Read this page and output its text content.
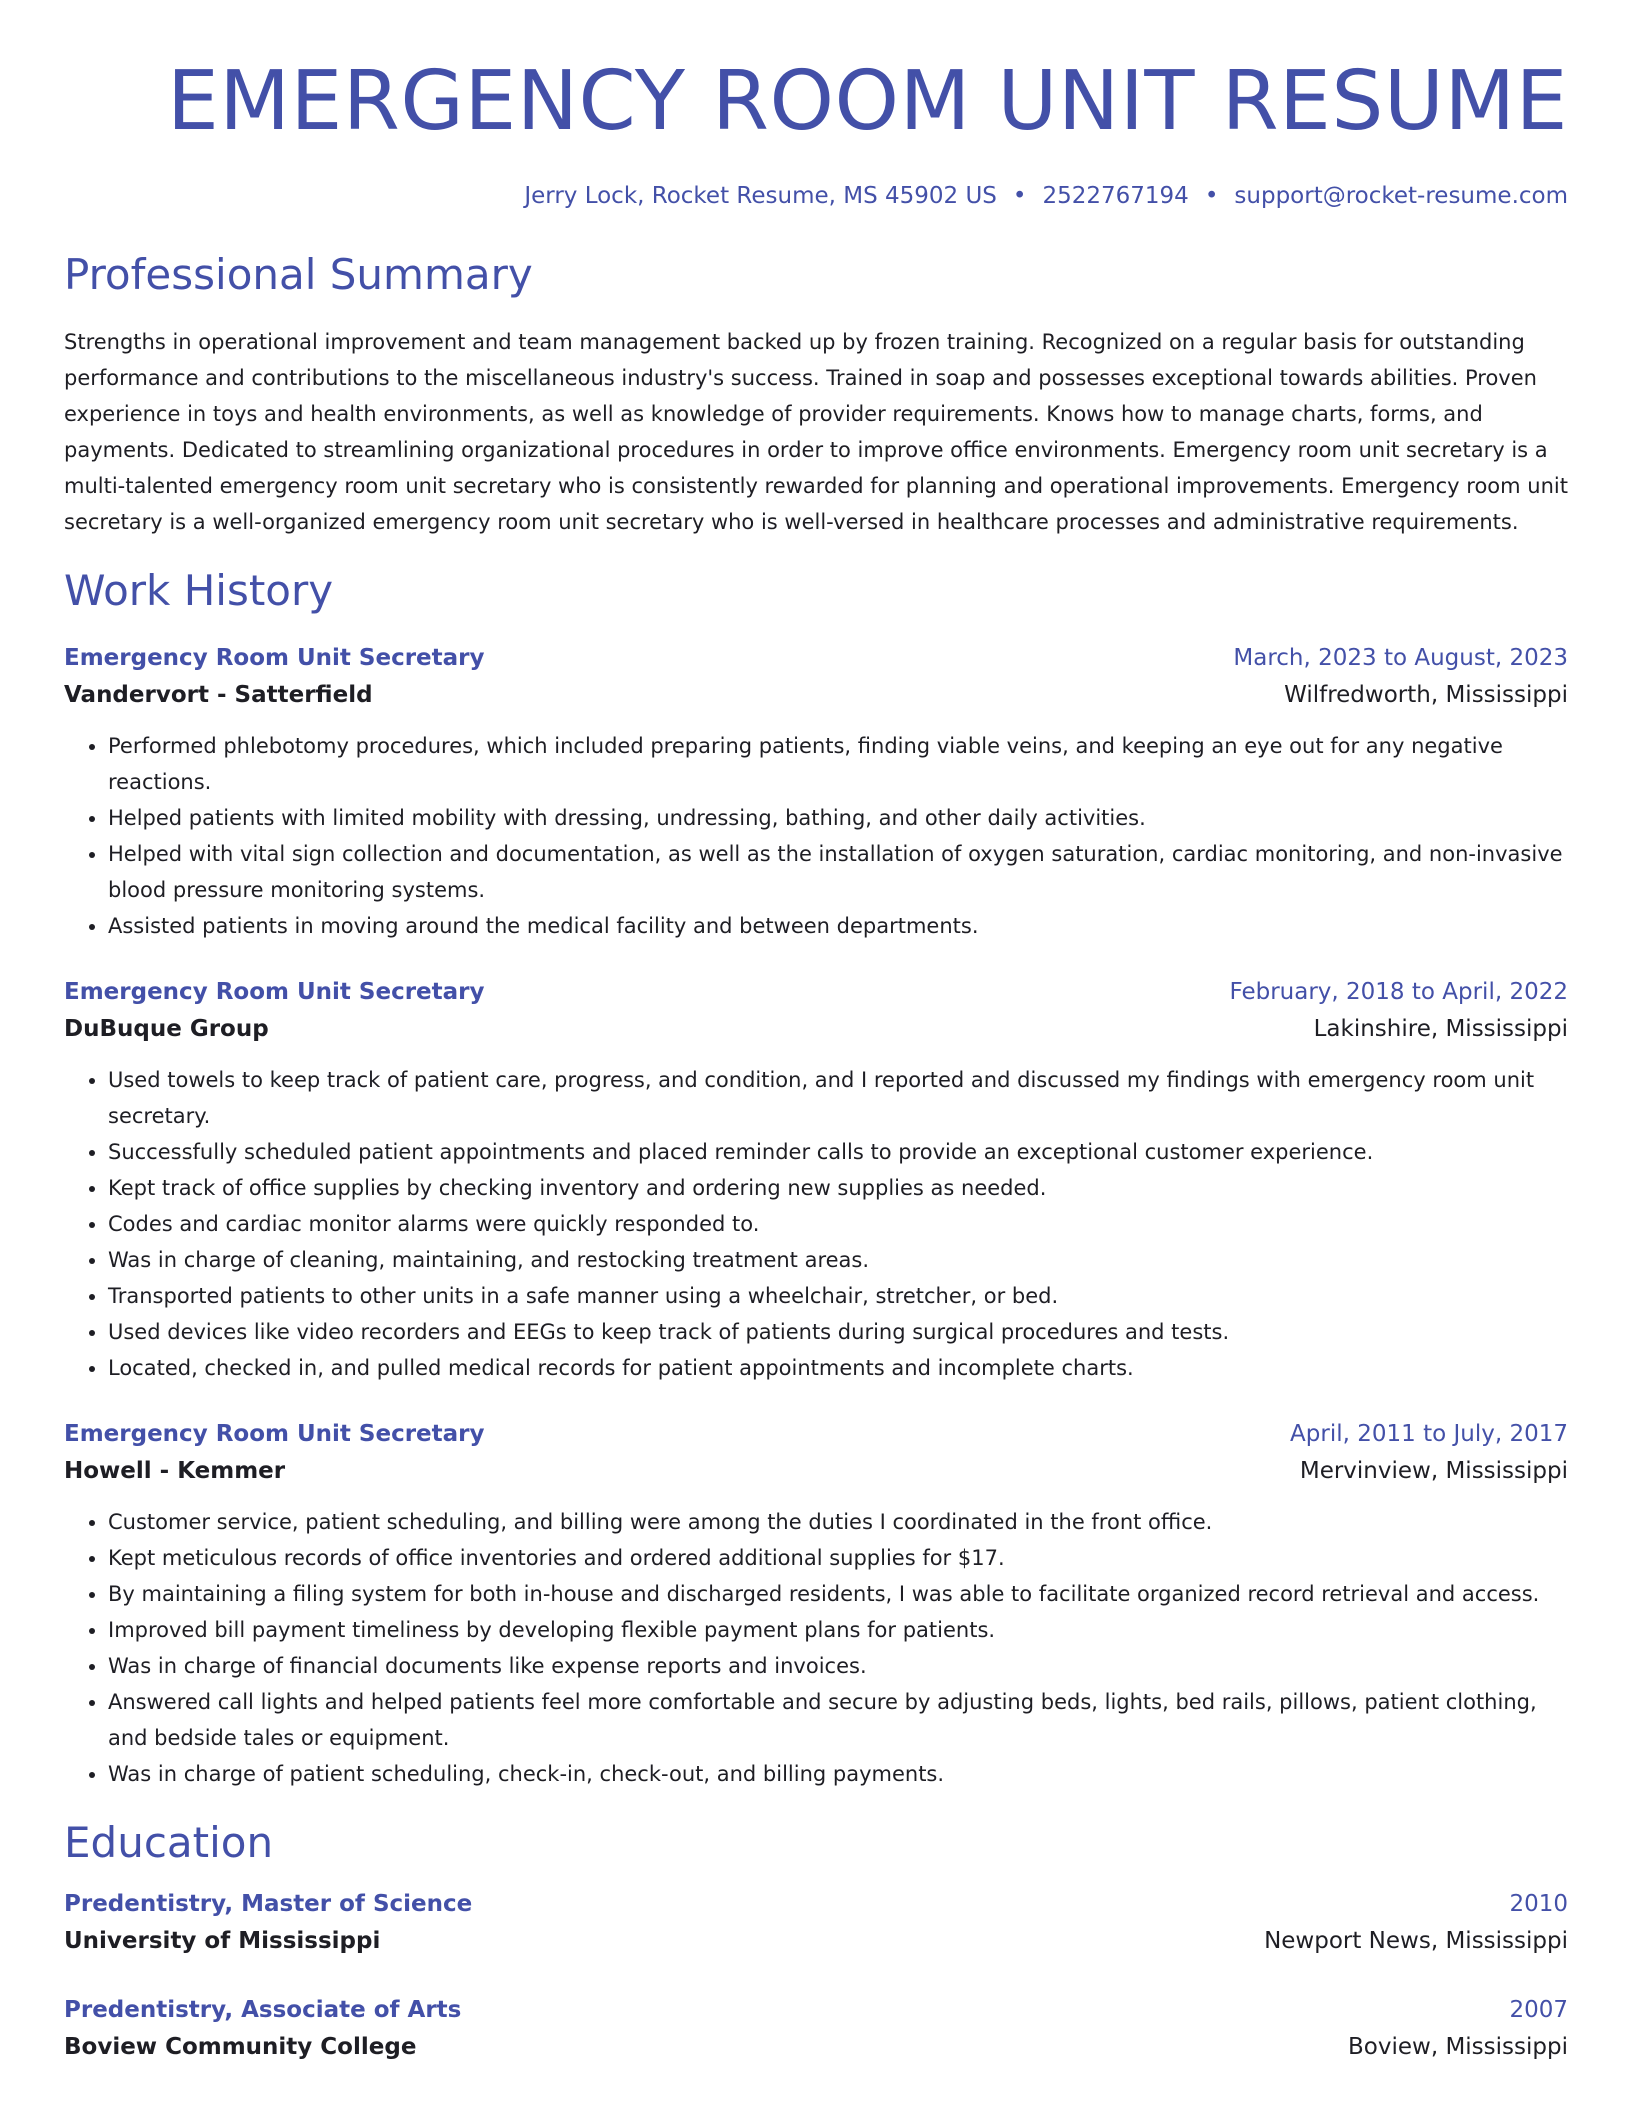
EMERGENCY ROOM UNIT RESUME
Jerry Lock, Rocket Resume, MS 45902 US • 2522767194 • support@rocket-resume.com
Professional Summary

Strengths in operational improvement and team management backed up by frozen training. Recognized on a regular basis for outstanding performance and contributions to the miscellaneous industry's success. Trained in soap and possesses exceptional towards abilities. Proven experience in toys and health environments, as well as knowledge of provider requirements. Knows how to manage charts, forms, and payments. Dedicated to streamlining organizational procedures in order to improve office environments. Emergency room unit secretary is a multi-talented emergency room unit secretary who is consistently rewarded for planning and operational improvements. Emergency room unit secretary is a well-organized emergency room unit secretary who is well-versed in healthcare processes and administrative requirements.

Work History
Emergency Room Unit Secretary	March, 2023 to August, 2023
Vandervort - Satterfield	Wilfredworth, Mississippi
• Performed phlebotomy procedures, which included preparing patients, finding viable veins, and keeping an eye out for any negative reactions.
• Helped patients with limited mobility with dressing, undressing, bathing, and other daily activities.
• Helped with vital sign collection and documentation, as well as the installation of oxygen saturation, cardiac monitoring, and non-invasive blood pressure monitoring systems.
• Assisted patients in moving around the medical facility and between departments.
Emergency Room Unit Secretary	February, 2018 to April, 2022
DuBuque Group	Lakinshire, Mississippi
• Used towels to keep track of patient care, progress, and condition, and I reported and discussed my findings with emergency room unit secretary.
• Successfully scheduled patient appointments and placed reminder calls to provide an exceptional customer experience.
• Kept track of office supplies by checking inventory and ordering new supplies as needed.
• Codes and cardiac monitor alarms were quickly responded to.
• Was in charge of cleaning, maintaining, and restocking treatment areas.
• Transported patients to other units in a safe manner using a wheelchair, stretcher, or bed.
• Used devices like video recorders and EEGs to keep track of patients during surgical procedures and tests.
• Located, checked in, and pulled medical records for patient appointments and incomplete charts.
Emergency Room Unit Secretary	April, 2011 to July, 2017
Howell - Kemmer	Mervinview, Mississippi
• Customer service, patient scheduling, and billing were among the duties I coordinated in the front office.
• Kept meticulous records of office inventories and ordered additional supplies for $17.
• By maintaining a filing system for both in-house and discharged residents, I was able to facilitate organized record retrieval and access.
• Improved bill payment timeliness by developing flexible payment plans for patients.
• Was in charge of financial documents like expense reports and invoices.
• Answered call lights and helped patients feel more comfortable and secure by adjusting beds, lights, bed rails, pillows, patient clothing, and bedside tales or equipment.
• Was in charge of patient scheduling, check-in, check-out, and billing payments.
Education
Predentistry, Master of Science	2010
University of Mississippi	Newport News, Mississippi
Predentistry, Associate of Arts	2007
Boview Community College	Boview, Mississippi
